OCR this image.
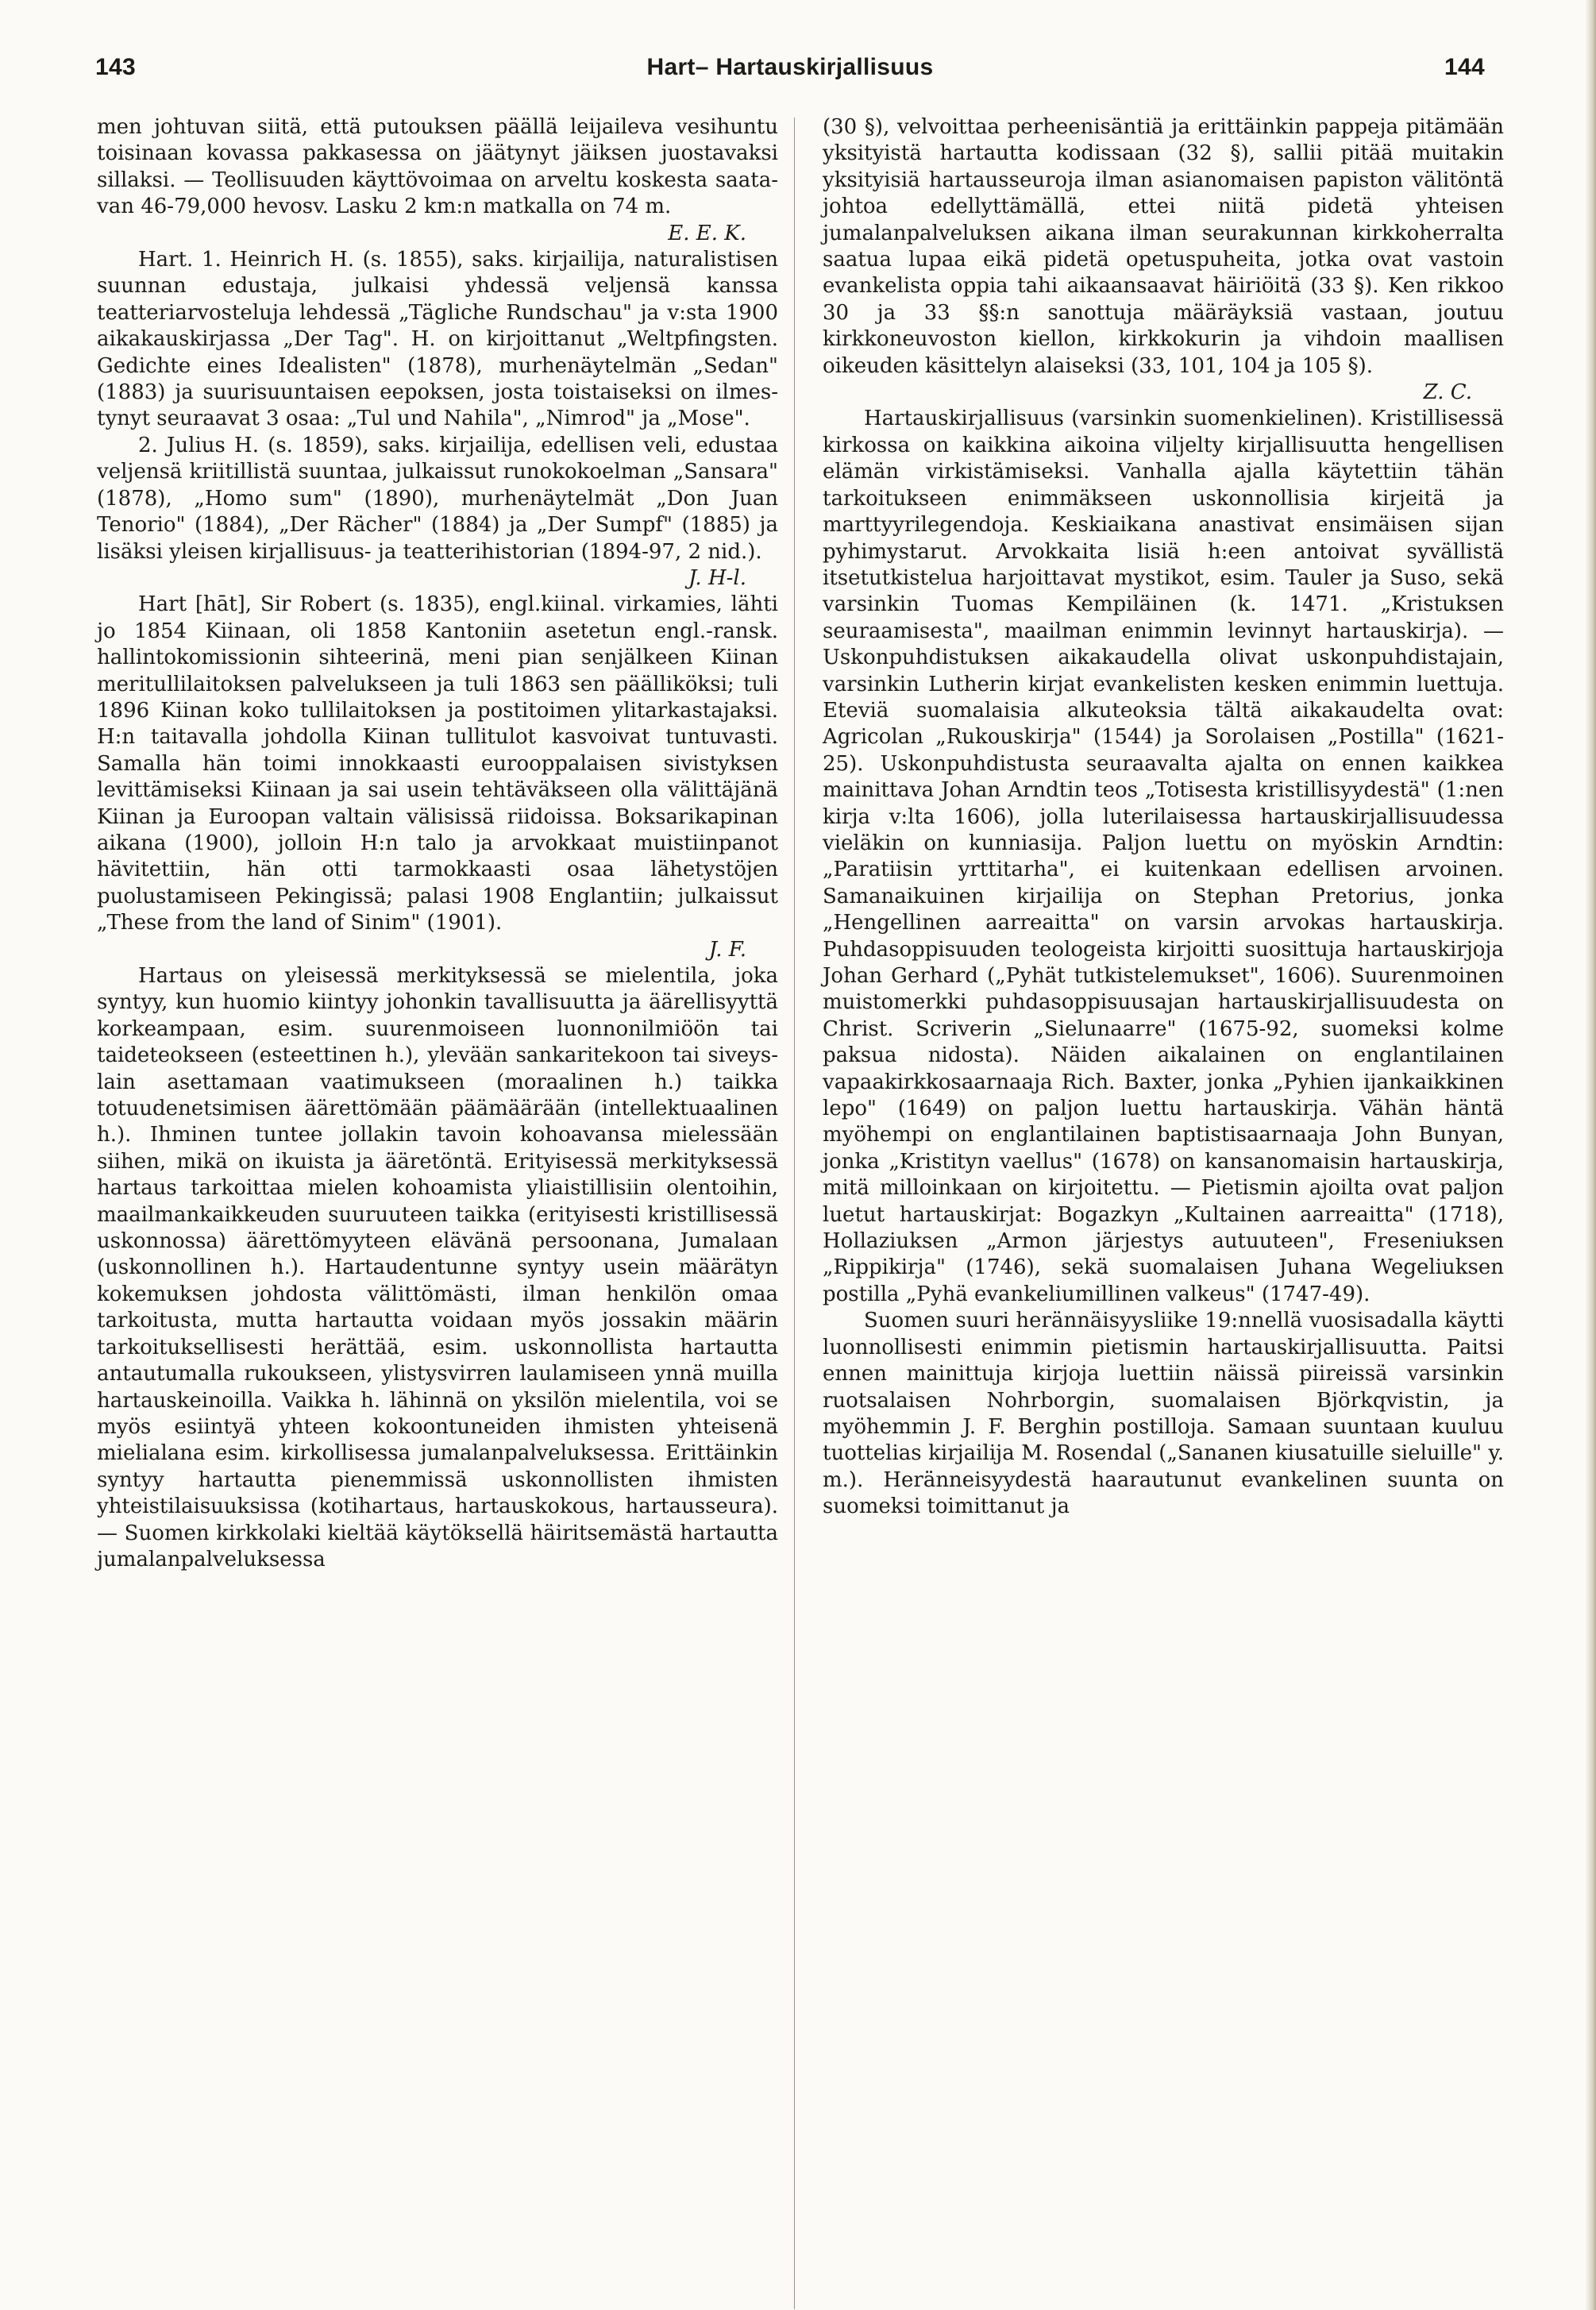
143	Hart– Hartauskirjallisuus	144

men johtuvan siitä, että putouksen päällä leijaileva vesihuntu toisinaan kovassa pakkasessa on jäätynyt jäiksen juostavaksi sillaksi. — Teollisuuden käyttövoimaa on arveltu koskesta saatavan 46-79,000 hevosv. Lasku 2 km:n matkalla on 74 m.

E. E. K.

Hart. 1. Heinrich H. (s. 1855), saks. kirjailija, naturalistisen suunnan edustaja, julkaisi yhdessä veljensä kanssa teatteriarvosteluja lehdessä „Tägliche Rundschau" ja v:sta 1900 aikakauskirjassa „Der Tag". H. on kirjoittanut „Weltpfingsten. Gedichte eines Idealisten" (1878), murhenäytelmän „Sedan" (1883) ja suurisuuntaisen eepoksen, josta toistaiseksi on ilmestynyt seuraavat 3 osaa: „Tul und Nahila", „Nimrod" ja „Mose".

2. Julius H. (s. 1859), saks. kirjailija, edellisen veli, edustaa veljensä kriitillistä suuntaa, julkaissut runokokoelman „Sansara" (1878), „Homo sum" (1890), murhenäytelmät „Don Juan Tenorio" (1884), „Der Rächer" (1884) ja „Der Sumpf" (1885) ja lisäksi yleisen kirjallisuus- ja teatterihistorian (1894-97, 2 nid.).

J. H-l.

Hart [hāt], Sir Robert (s. 1835), engl.kiinal. virkamies, lähti jo 1854 Kiinaan, oli 1858 Kantoniin asetetun engl.-ransk. hallintokomissionin sihteerinä, meni pian senjälkeen Kiinan meritullilaitoksen palvelukseen ja tuli 1863 sen päälliköksi; tuli 1896 Kiinan koko tullilaitoksen ja postitoimen ylitarkastajaksi. H:n taitavalla johdolla Kiinan tullitulot kasvoivat tuntuvasti. Samalla hän toimi innokkaasti eurooppalaisen sivistyksen levittämiseksi Kiinaan ja sai usein tehtäväkseen olla välittäjänä Kiinan ja Euroopan valtain välisissä riidoissa. Boksarikapinan aikana (1900), jolloin H:n talo ja arvokkaat muistiinpanot hävitettiin, hän otti tarmokkaasti osaa lähetystöjen puolustamiseen Pekingissä; palasi 1908 Englantiin; julkaissut „These from the land of Sinim" (1901).

J. F.

Hartaus on yleisessä merkityksessä se mielentila, joka syntyy, kun huomio kiintyy johonkin tavallisuutta ja äärellisyyttä korkeampaan, esim. suurenmoiseen luonnonilmiöön tai taideteokseen (esteettinen h.), ylevään sankaritekoon tai siveyslain asettamaan vaatimukseen (moraalinen h.) taikka totuudenetsimisen äärettömään päämäärään (intellektuaalinen h.). Ihminen tuntee jollakin tavoin kohoavansa mielessään siihen, mikä on ikuista ja ääretöntä. Erityisessä merkityksessä hartaus tarkoittaa mielen kohoamista yliaistillisiin olentoihin, maailmankaikkeuden suuruuteen taikka (erityisesti kristillisessä uskonnossa) äärettömyyteen elävänä persoonana, Jumalaan (uskonnollinen h.). Hartaudentunne syntyy usein määrätyn kokemuksen johdosta välittömästi, ilman henkilön omaa tarkoitusta, mutta hartautta voidaan myös jossakin määrin tarkoituksellisesti herättää, esim. uskonnollista hartautta antautumalla rukoukseen, ylistysvirren laulamiseen ynnä muilla hartauskeinoilla. Vaikka h. lähinnä on yksilön mielentila, voi se myös esiintyä yhteen kokoontuneiden ihmisten yhteisenä mielialana esim. kirkollisessa jumalanpalveluksessa. Erittäinkin syntyy hartautta pienemmissä uskonnollisten ihmisten yhteistilaisuuksissa (kotihartaus, hartauskokous, hartausseura). — Suomen kirkkolaki kieltää käytöksellä häiritsemästä hartautta jumalanpalveluksessa

(30 §), velvoittaa perheenisäntiä ja erittäinkin pappeja pitämään yksityistä hartautta kodissaan (32 §), sallii pitää muitakin yksityisiä hartausseuroja ilman asianomaisen papiston välitöntä johtoa edellyttämällä, ettei niitä pidetä yhteisen jumalanpalveluksen aikana ilman seurakunnan kirkkoherralta saatua lupaa eikä pidetä opetuspuheita, jotka ovat vastoin evankelista oppia tahi aikaansaavat häiriöitä (33 §). Ken rikkoo 30 ja 33 §§:n sanottuja määräyksiä vastaan, joutuu kirkkoneuvoston kiellon, kirkkokurin ja vihdoin maallisen oikeuden käsittelyn alaiseksi (33, 101, 104 ja 105 §).

Z. C.

Hartauskirjallisuus (varsinkin suomenkielinen). Kristillisessä kirkossa on kaikkina aikoina viljelty kirjallisuutta hengellisen elämän virkistämiseksi. Vanhalla ajalla käytettiin tähän tarkoitukseen enimmäkseen uskonnollisia kirjeitä ja marttyyrilegendoja. Keskiaikana anastivat ensimäisen sijan pyhimystarut. Arvokkaita lisiä h:een antoivat syvällistä itsetutkistelua harjoittavat mystikot, esim. Tauler ja Suso, sekä varsinkin Tuomas Kempiläinen (k. 1471. „Kristuksen seuraamisesta", maailman enimmin levinnyt hartauskirja). — Uskonpuhdistuksen aikakaudella olivat uskonpuhdistajain, varsinkin Lutherin kirjat evankelisten kesken enimmin luettuja. Eteviä suomalaisia alkuteoksia tältä aikakaudelta ovat: Agricolan „Rukouskirja" (1544) ja Sorolaisen „Postilla" (1621-25). Uskonpuhdistusta seuraavalta ajalta on ennen kaikkea mainittava Johan Arndtin teos „Totisesta kristillisyydestä" (1:nen kirja v:lta 1606), jolla luterilaisessa hartauskirjallisuudessa vieläkin on kunniasija. Paljon luettu on myöskin Arndtin: „Paratiisin yrttitarha", ei kuitenkaan edellisen arvoinen. Samanaikuinen kirjailija on Stephan Pretorius, jonka „Hengellinen aarreaitta" on varsin arvokas hartauskirja. Puhdasoppisuuden teologeista kirjoitti suosittuja hartauskirjoja Johan Gerhard („Pyhät tutkistelemukset", 1606). Suurenmoinen muistomerkki puhdasoppisuusajan hartauskirjallisuudesta on Christ. Scriverin „Sielunaarre" (1675-92, suomeksi kolme paksua nidosta). Näiden aikalainen on englantilainen vapaakirkkosaarnaaja Rich. Baxter, jonka „Pyhien ijankaikkinen lepo" (1649) on paljon luettu hartauskirja. Vähän häntä myöhempi on englantilainen baptistisaarnaaja John Bunyan, jonka „Kristityn vaellus" (1678) on kansanomaisin hartauskirja, mitä milloinkaan on kirjoitettu. — Pietismin ajoilta ovat paljon luetut hartauskirjat: Bogazkyn „Kultainen aarreaitta" (1718), Hollaziuksen „Armon järjestys autuuteen", Freseniuksen „Rippikirja" (1746), sekä suomalaisen Juhana Wegeliuksen postilla „Pyhä evankeliumillinen valkeus" (1747-49).

Suomen suuri herännäisyysliike 19:nnellä vuosisadalla käytti luonnollisesti enimmin pietismin hartauskirjallisuutta. Paitsi ennen mainittuja kirjoja luettiin näissä piireissä varsinkin ruotsalaisen Nohrborgin, suomalaisen Björkqvistin, ja myöhemmin J. F. Berghin postilloja. Samaan suuntaan kuuluu tuottelias kirjailija M. Rosendal („Sananen kiusatuille sieluille" y. m.). Heränneisyydestä haarautunut evankelinen suunta on suomeksi toimittanut ja
